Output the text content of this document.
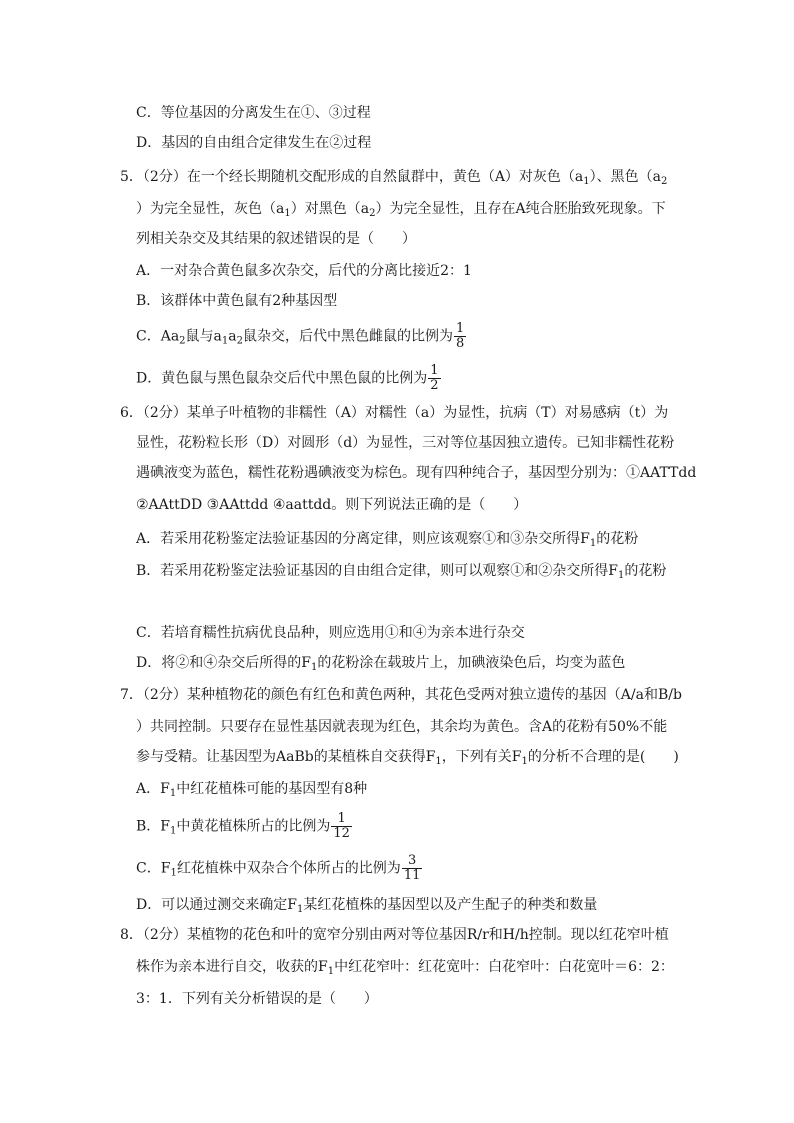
C．等位基因的分离发生在①、③过程
D．基因的自由组合定律发生在②过程
5．（2分）在一个经长期随机交配形成的自然鼠群中，黄色（A）对灰色$(a_1)$、黑色（$a_2$
）为完全显性，灰色$(a_1)$对黑色$(a_2)$为完全显性，且存在A纯合胚胎致死现象。下
列相关杂交及其结果的叙述错误的是（　　）
A．一对杂合黄色鼠多次杂交，后代的分离比接近2：1
B．该群体中黄色鼠有2种基因型
C．$Aa_2$鼠与$a_1a_2$鼠杂交，后代中黑色雌鼠的比例为 $\frac{1}{8}$
D．黄色鼠与黑色鼠杂交后代中黑色鼠的比例为 $\frac{1}{2}$
6．（2分）某单子叶植物的非糯性（A）对糯性（a）为显性，抗病（T）对易感病（t）为
显性，花粉粒长形（D）对圆形（d）为显性，三对等位基因独立遗传。已知非糯性花粉
遇碘液变为蓝色，糯性花粉遇碘液变为棕色。现有四种纯合子，基因型分别为：①AATTdd
②AAttDD ③AAttdd ④aattdd。则下列说法正确的是（　　）
A．若采用花粉鉴定法验证基因的分离定律，则应该观察①和③杂交所得$F_1$的花粉
B．若采用花粉鉴定法验证基因的自由组合定律，则可以观察①和②杂交所得$F_1$的花粉
C．若培育糯性抗病优良品种，则应选用①和④为亲本进行杂交
D．将②和④杂交后所得的$F_1$的花粉涂在载玻片上，加碘液染色后，均变为蓝色
7．（2分）某种植物花的颜色有红色和黄色两种，其花色受两对独立遗传的基因（A/a和B/b
）共同控制。只要存在显性基因就表现为红色，其余均为黄色。含A的花粉有50%不能
参与受精。让基因型为AaBb的某植株自交获得$F_1$，下列有关$F_1$的分析不合理的是(　　)
A．$F_1$中红花植株可能的基因型有8种
B．$F_1$中黄花植株所占的比例为 $\frac{1}{12}$
C．$F_1$红花植株中双杂合个体所占的比例为 $\frac{3}{11}$
D．可以通过测交来确定$F_1$某红花植株的基因型以及产生配子的种类和数量
8．（2分）某植物的花色和叶的宽窄分别由两对等位基因R/r和H/h控制。现以红花窄叶植
株作为亲本进行自交，收获的$F_1$中红花窄叶：红花宽叶：白花窄叶：白花宽叶＝6：2：
3：1．下列有关分析错误的是（　　）
